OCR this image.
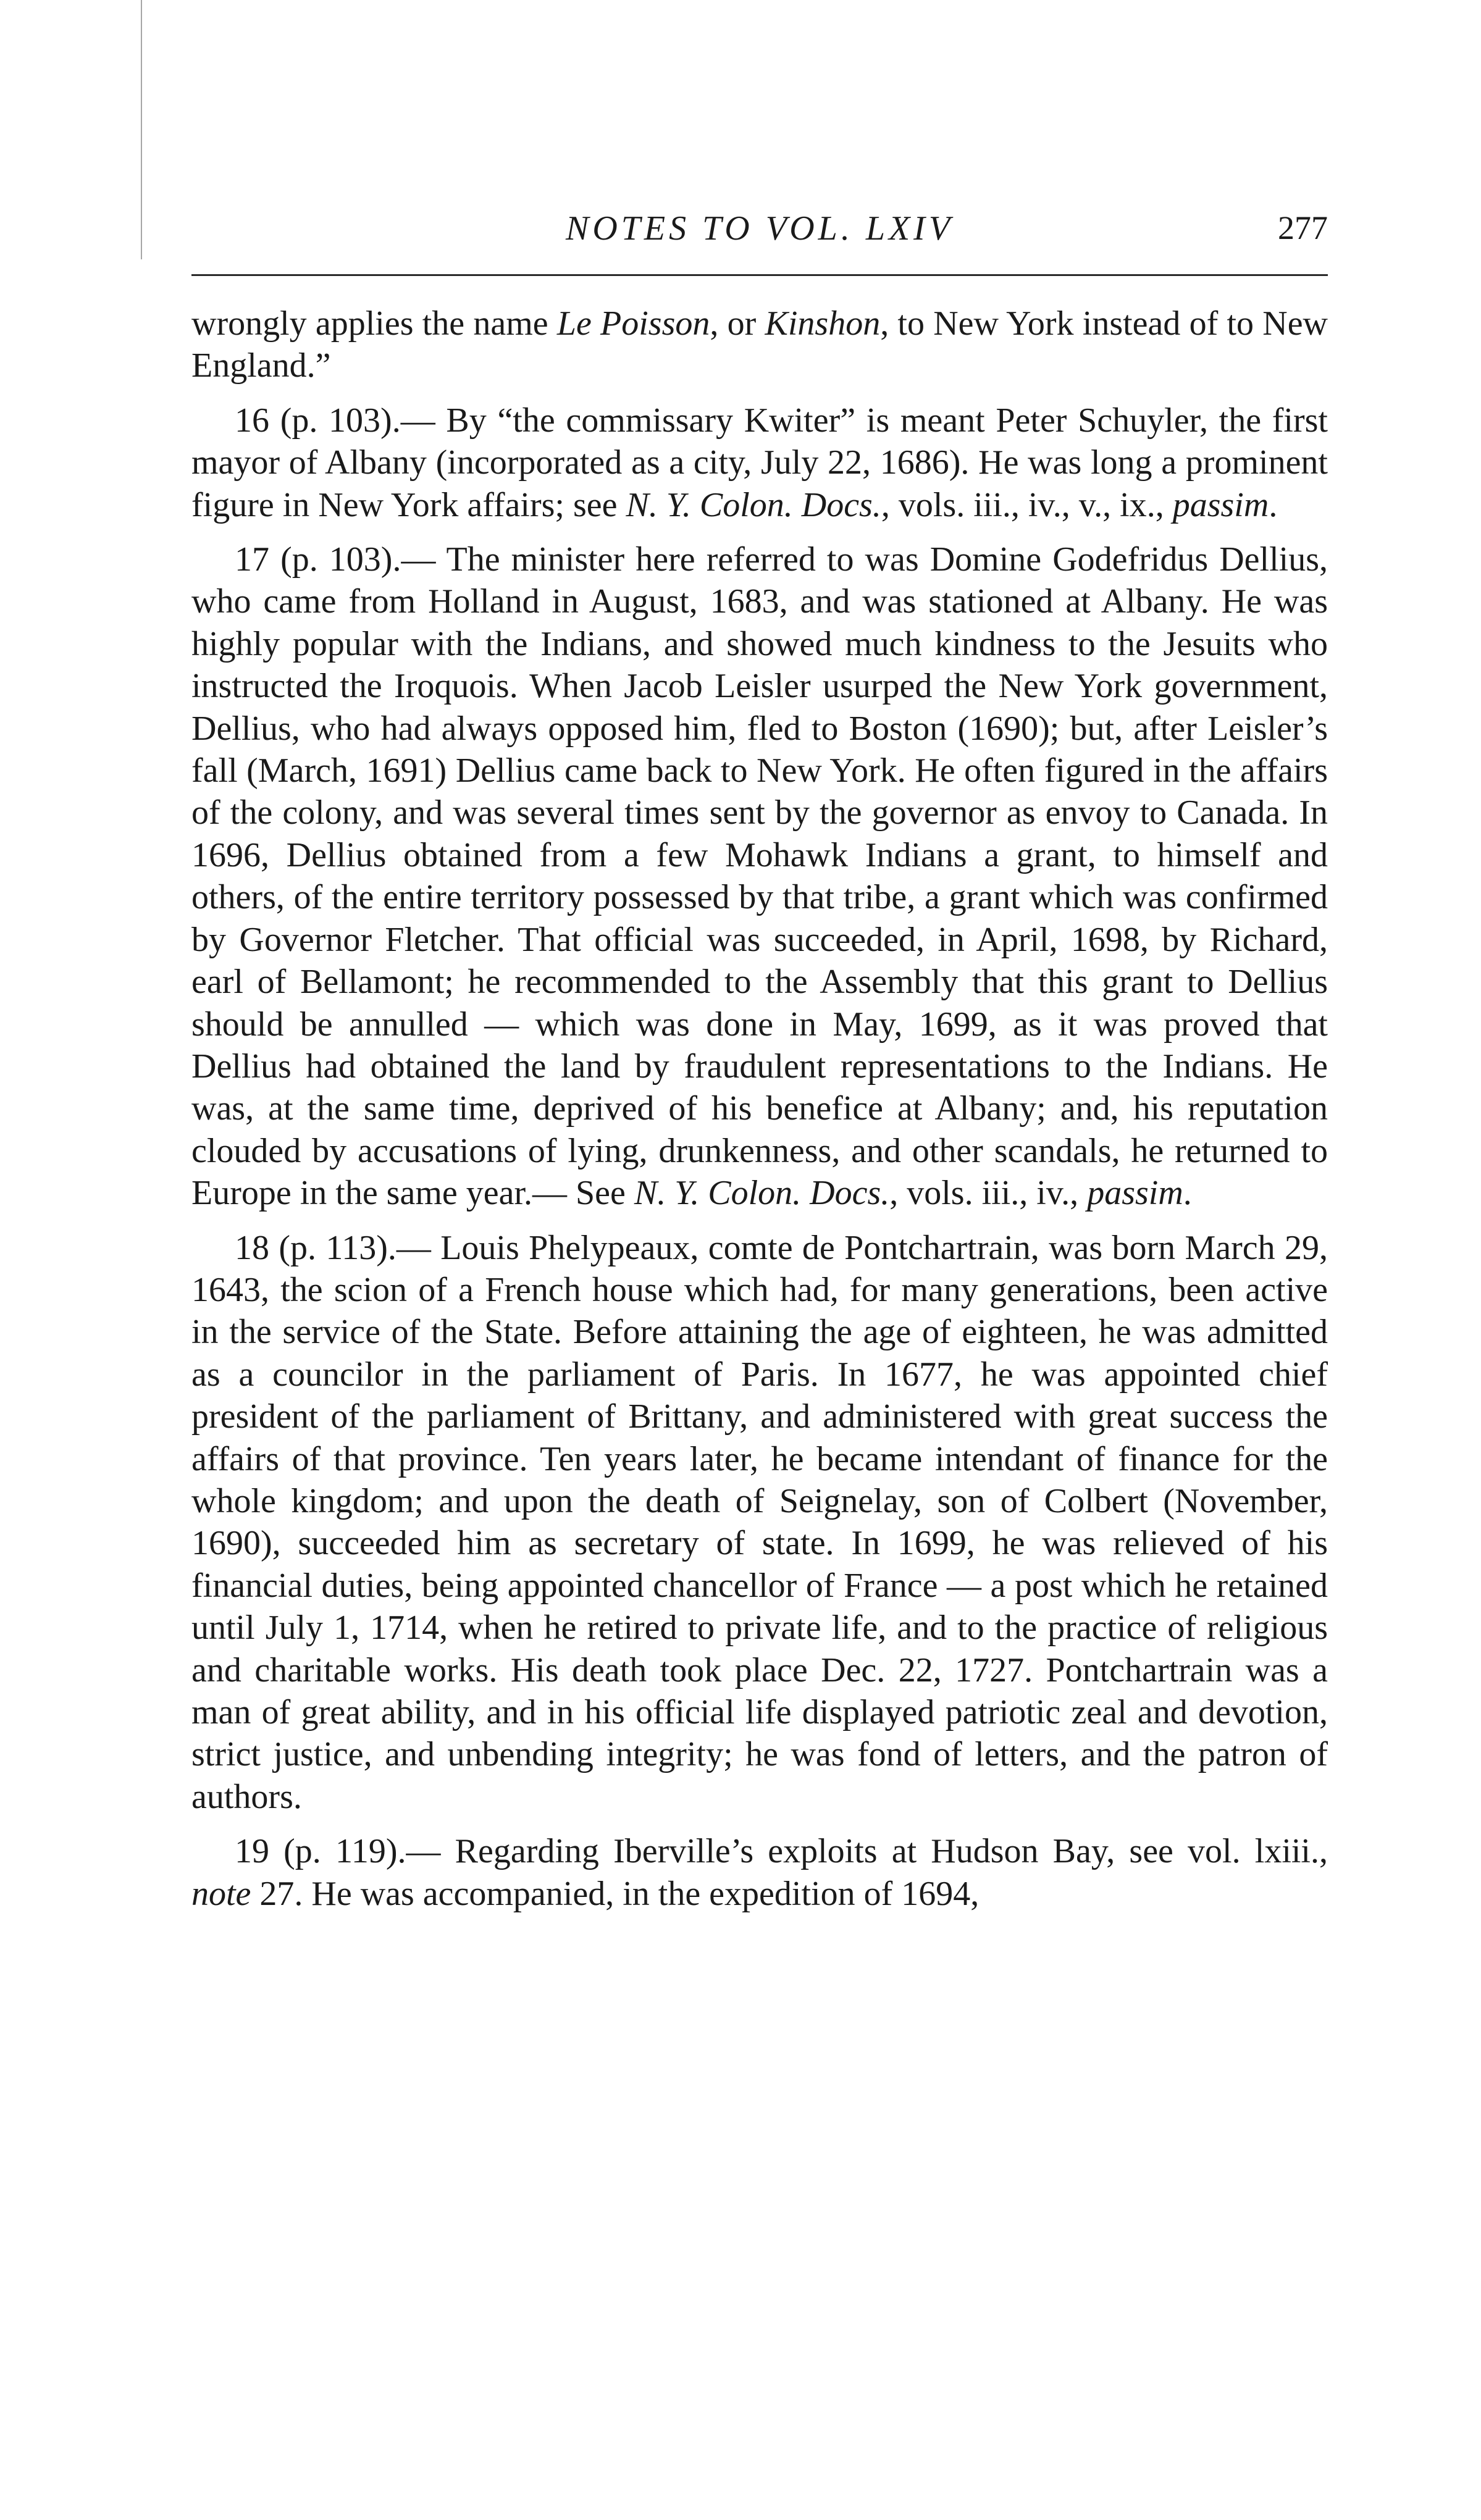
NOTES TO VOL. LXIV	277

wrongly applies the name Le Poisson, or Kinshon, to New York instead of to New England.”

16 (p. 103).— By “the commissary Kwiter” is meant Peter Schuyler, the first mayor of Albany (incorporated as a city, July 22, 1686). He was long a prominent figure in New York affairs; see N. Y. Colon. Docs., vols. iii., iv., v., ix., passim.

17 (p. 103).— The minister here referred to was Domine Godefridus Dellius, who came from Holland in August, 1683, and was stationed at Albany. He was highly popular with the Indians, and showed much kindness to the Jesuits who instructed the Iroquois. When Jacob Leisler usurped the New York government, Dellius, who had always opposed him, fled to Boston (1690); but, after Leisler’s fall (March, 1691) Dellius came back to New York. He often figured in the affairs of the colony, and was several times sent by the governor as envoy to Canada. In 1696, Dellius obtained from a few Mohawk Indians a grant, to himself and others, of the entire territory possessed by that tribe, a grant which was confirmed by Governor Fletcher. That official was succeeded, in April, 1698, by Richard, earl of Bellamont; he recommended to the Assembly that this grant to Dellius should be annulled — which was done in May, 1699, as it was proved that Dellius had obtained the land by fraudulent representations to the Indians. He was, at the same time, deprived of his benefice at Albany; and, his reputation clouded by accusations of lying, drunkenness, and other scandals, he returned to Europe in the same year.— See N. Y. Colon. Docs., vols. iii., iv., passim.

18 (p. 113).— Louis Phelypeaux, comte de Pontchartrain, was born March 29, 1643, the scion of a French house which had, for many generations, been active in the service of the State. Before attaining the age of eighteen, he was admitted as a councilor in the parliament of Paris. In 1677, he was appointed chief president of the parliament of Brittany, and administered with great success the affairs of that province. Ten years later, he became intendant of finance for the whole kingdom; and upon the death of Seignelay, son of Colbert (November, 1690), succeeded him as secretary of state. In 1699, he was relieved of his financial duties, being appointed chancellor of France — a post which he retained until July 1, 1714, when he retired to private life, and to the practice of religious and charitable works. His death took place Dec. 22, 1727. Pontchartrain was a man of great ability, and in his official life displayed patriotic zeal and devotion, strict justice, and unbending integrity; he was fond of letters, and the patron of authors.

19 (p. 119).— Regarding Iberville’s exploits at Hudson Bay, see vol. lxiii., note 27. He was accompanied, in the expedition of 1694,
